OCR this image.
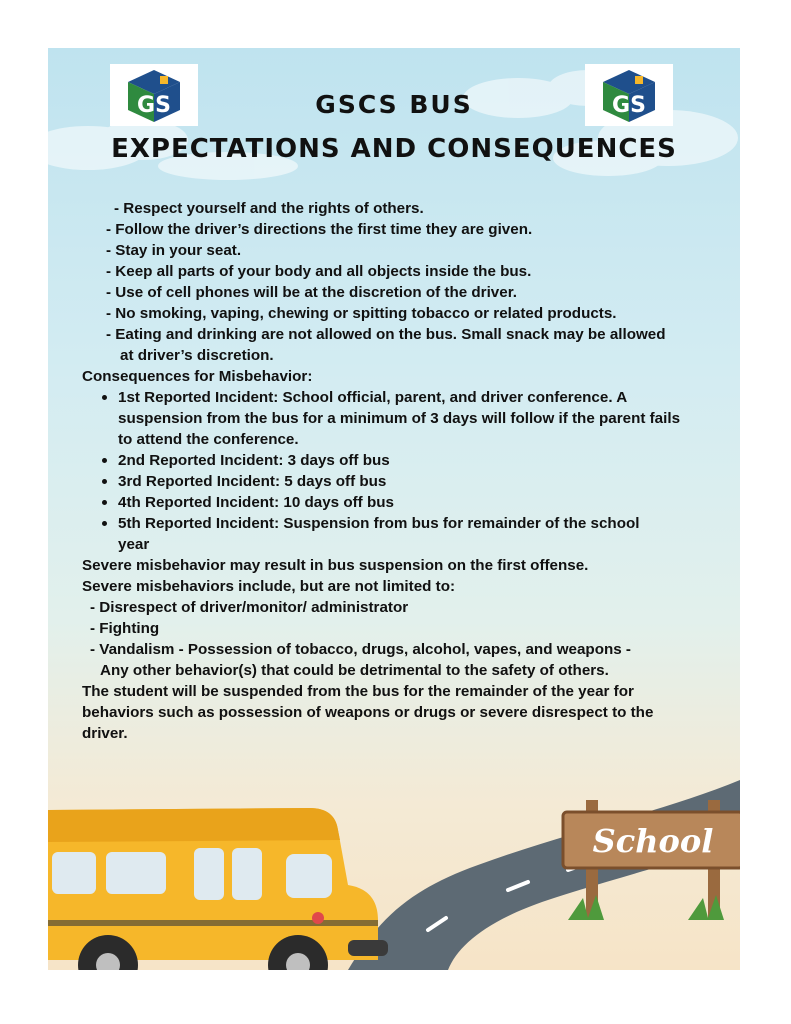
GS	GS
GSCS BUS
EXPECTATIONS AND CONSEQUENCES
- Respect yourself and the rights of others.
- Follow the driver’s directions the first time they are given.
- Stay in your seat.
- Keep all parts of your body and all objects inside the bus.
- Use of cell phones will be at the discretion of the driver.
- No smoking, vaping, chewing or spitting tobacco or related products.
- Eating and drinking are not allowed on the bus. Small snack may be allowed at driver’s discretion.

Consequences for Misbehavior:

1st Reported Incident: School official, parent, and driver conference. A suspension from the bus for a minimum of 3 days will follow if the parent fails to attend the conference.
2nd Reported Incident: 3 days off bus
3rd Reported Incident: 5 days off bus
4th Reported Incident: 10 days off bus
5th Reported Incident: Suspension from bus for remainder of the school year

Severe misbehavior may result in bus suspension on the first offense.

Severe misbehaviors include, but are not limited to:

- Disrespect of driver/monitor/ administrator
- Fighting
- Vandalism - Possession of tobacco, drugs, alcohol, vapes, and weapons - Any other behavior(s) that could be detrimental to the safety of others.

The student will be suspended from the bus for the remainder of the year for behaviors such as possession of weapons or drugs or severe disrespect to the driver.

School
